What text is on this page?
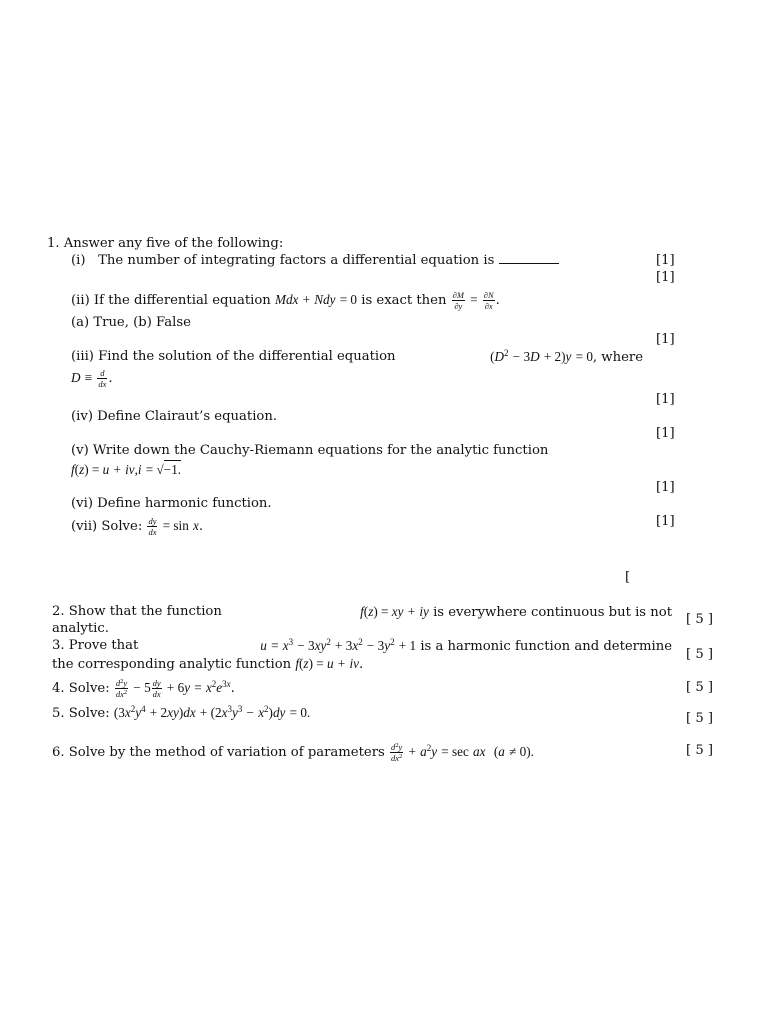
1. Answer any five of the following:
(i) The number of integrating factors a differential equation is	[1]
[1]
(ii) If the differential equation Mdx + Ndy = 0 is exact then $\frac{\partial M}{\partial y} = \frac{\partial N}{\partial x}$ .
(a) True, (b) False
[1]
(iii) Find the solution of the differential equation	$(D^2 - 3D + 2)y = 0$, where
$D \equiv \frac{d}{dx}$ .
[1]
(iv) Define Clairaut’s equation.
[1]
(v) Write down the Cauchy-Riemann equations for the analytic function
f(z) = u + iv,i = √−1.
[1]
(vi) Define harmonic function.
[1]
(vii) Solve: $\frac{dy}{dx} = \sin x$.
[
2. Show that the function	f(z) = xy + iy is everywhere continuous but is not
analytic.
[ 5 ]
3. Prove that	$u = x^3 - 3xy^2 + 3x^2 - 3y^2 + 1$ is a harmonic function and determine
the corresponding analytic function f(z) = u + iv.
[ 5 ]
4. Solve: $\frac{d^2y}{dx^2} - 5 \frac{dy}{dx} + 6y = x^2e^{3x}$.	[ 5 ]
5. Solve: $(3x^2y^4 + 2xy)dx + (2x^3y^3 - x^2)dy = 0$.	[ 5 ]
6. Solve by the method of variation of parameters $\frac{d^2y}{dx^2} + a^2y = \sec$ ax (a ≠ 0).	[ 5 ]
